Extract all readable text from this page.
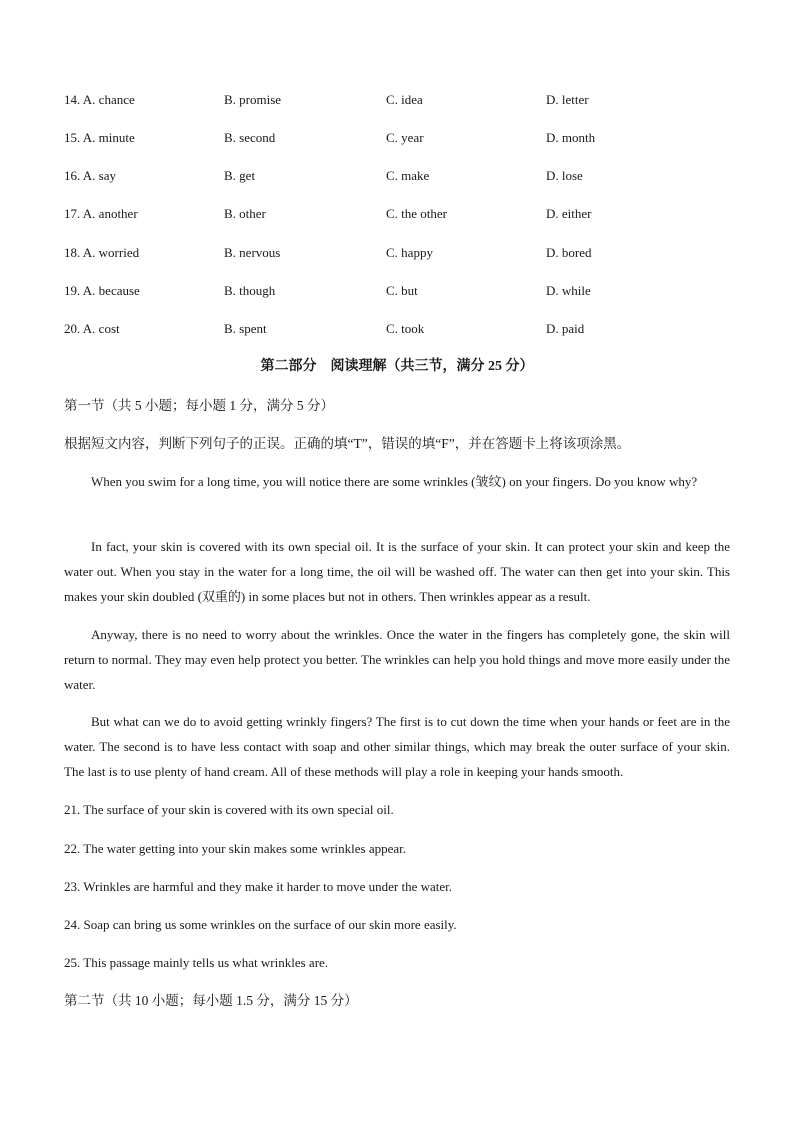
14. A. chance	B. promise	C. idea	D. letter
15. A. minute	B. second	C. year	D. month
16. A. say	B. get	C. make	D. lose
17. A. another	B. other	C. the other	D. either
18. A. worried	B. nervous	C. happy	D. bored
19. A. because	B. though	C. but	D. while
20. A. cost	B. spent	C. took	D. paid
第二部分　阅读理解（共三节，满分 25 分）
第一节（共 5 小题；每小题 1 分，满分 5 分）
根据短文内容，判断下列句子的正误。正确的填“T”，错误的填“F”，并在答题卡上将该项涂黑。

When you swim for a long time, you will notice there are some wrinkles (皱纹) on your fingers. Do you know why?

In fact, your skin is covered with its own special oil. It is the surface of your skin. It can protect your skin and keep the water out. When you stay in the water for a long time, the oil will be washed off. The water can then get into your skin. This makes your skin doubled (双重的) in some places but not in others. Then wrinkles appear as a result.

Anyway, there is no need to worry about the wrinkles. Once the water in the fingers has completely gone, the skin will return to normal. They may even help protect you better. The wrinkles can help you hold things and move more easily under the water.

But what can we do to avoid getting wrinkly fingers? The first is to cut down the time when your hands or feet are in the water. The second is to have less contact with soap and other similar things, which may break the outer surface of your skin. The last is to use plenty of hand cream. All of these methods will play a role in keeping your hands smooth.

21. The surface of your skin is covered with its own special oil.
22. The water getting into your skin makes some wrinkles appear.
23. Wrinkles are harmful and they make it harder to move under the water.
24. Soap can bring us some wrinkles on the surface of our skin more easily.
25. This passage mainly tells us what wrinkles are.
第二节（共 10 小题；每小题 1.5 分，满分 15 分）
